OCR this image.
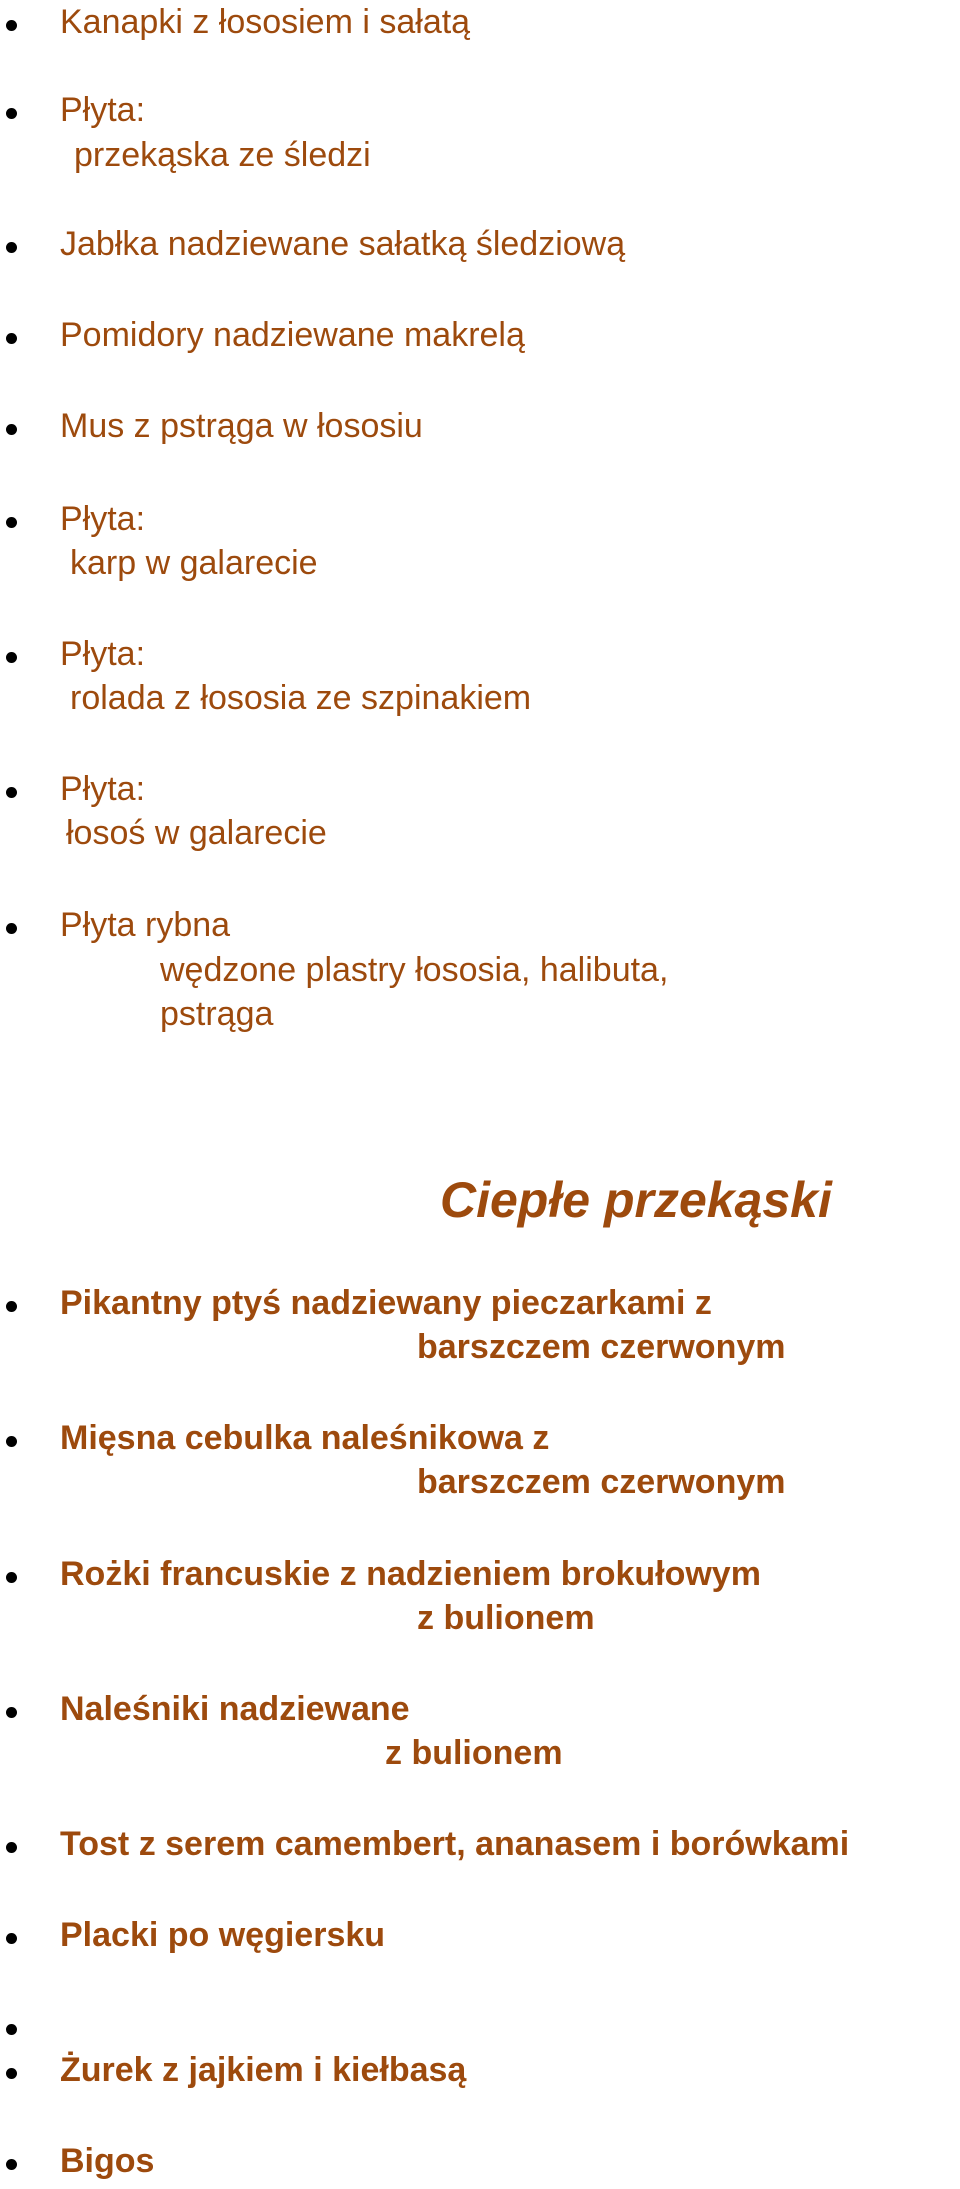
Kanapki z łososiem i sałatą
Płyta:
przekąska ze śledzi
Jabłka nadziewane sałatką śledziową
Pomidory nadziewane makrelą
Mus z pstrąga w łososiu
Płyta:
karp w galarecie
Płyta:
rolada z łososia ze szpinakiem
Płyta:
łosoś w galarecie
Płyta rybna
wędzone plastry łososia, halibuta,
pstrąga
Ciepłe przekąski
Pikantny ptyś nadziewany pieczarkami z
barszczem czerwonym
Mięsna cebulka naleśnikowa z
barszczem czerwonym
Rożki francuskie z nadzieniem brokułowym
z bulionem
Naleśniki nadziewane
z bulionem
Tost z serem camembert, ananasem i borówkami
Placki po węgiersku
Żurek z jajkiem i kiełbasą
Bigos
